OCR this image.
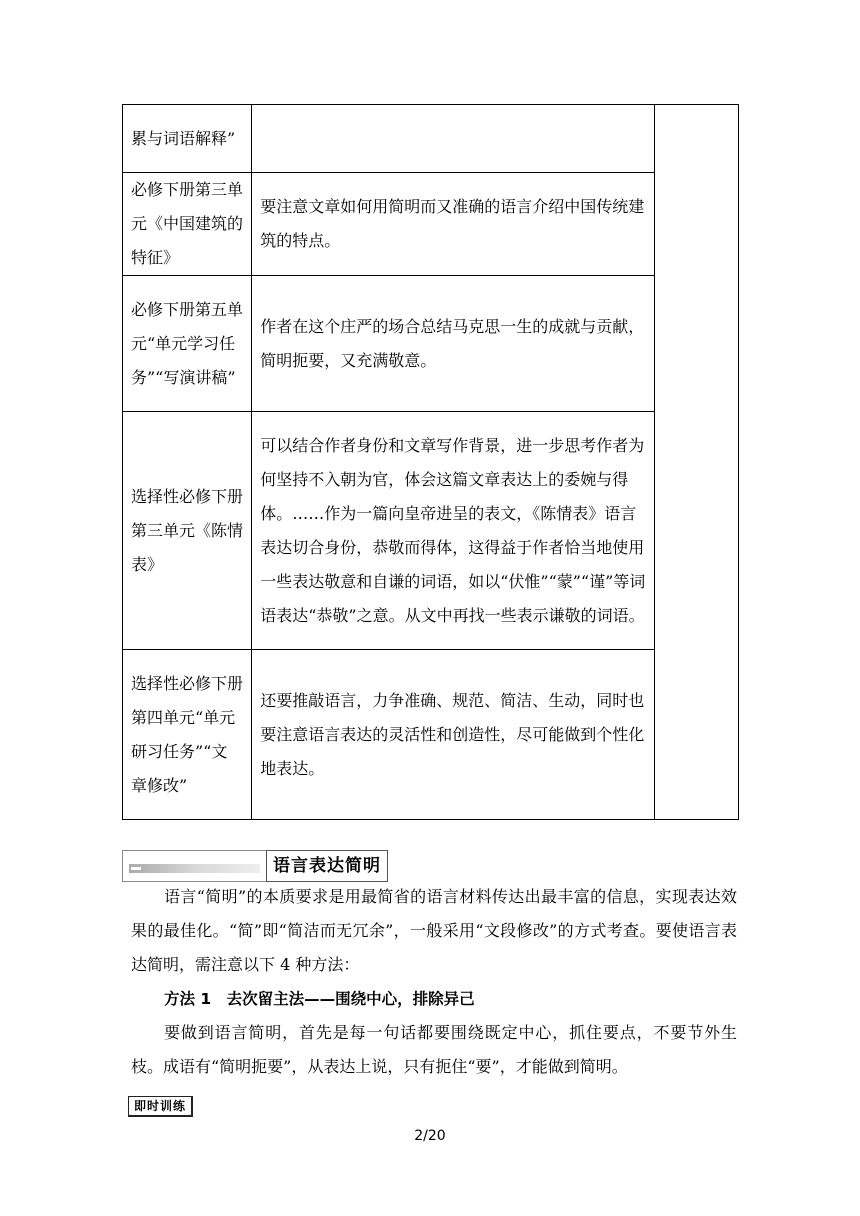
累与词语解释”		
必修下册第三单元《中国建筑的特征》	要注意文章如何用简明而又准确的语言介绍中国传统建筑的特点。	
必修下册第五单元“单元学习任务”“写演讲稿”	作者在这个庄严的场合总结马克思一生的成就与贡献，简明扼要，又充满敬意。	
选择性必修下册第三单元《陈情表》	可以结合作者身份和文章写作背景，进一步思考作者为何坚持不入朝为官，体会这篇文章表达上的委婉与得体。……作为一篇向皇帝进呈的表文，《陈情表》语言表达切合身份，恭敬而得体，这得益于作者恰当地使用一些表达敬意和自谦的词语，如以“伏惟”“蒙”“谨”等词语表达“恭敬”之意。从文中再找一些表示谦敬的词语。	
选择性必修下册第四单元“单元研习任务”“文章修改”	还要推敲语言，力争准确、规范、简洁、生动，同时也要注意语言表达的灵活性和创造性，尽可能做到个性化地表达。	
语言表达简明

语言“简明”的本质要求是用最简省的语言材料传达出最丰富的信息，实现表达效果的最佳化。“简”即“简洁而无冗余”，一般采用“文段修改”的方式考查。要使语言表达简明，需注意以下 4 种方法：

方法 1　去次留主法——围绕中心，排除异己

要做到语言简明，首先是每一句话都要围绕既定中心，抓住要点，不要节外生枝。成语有“简明扼要”，从表达上说，只有扼住“要”，才能做到简明。

即时训练
2/20
